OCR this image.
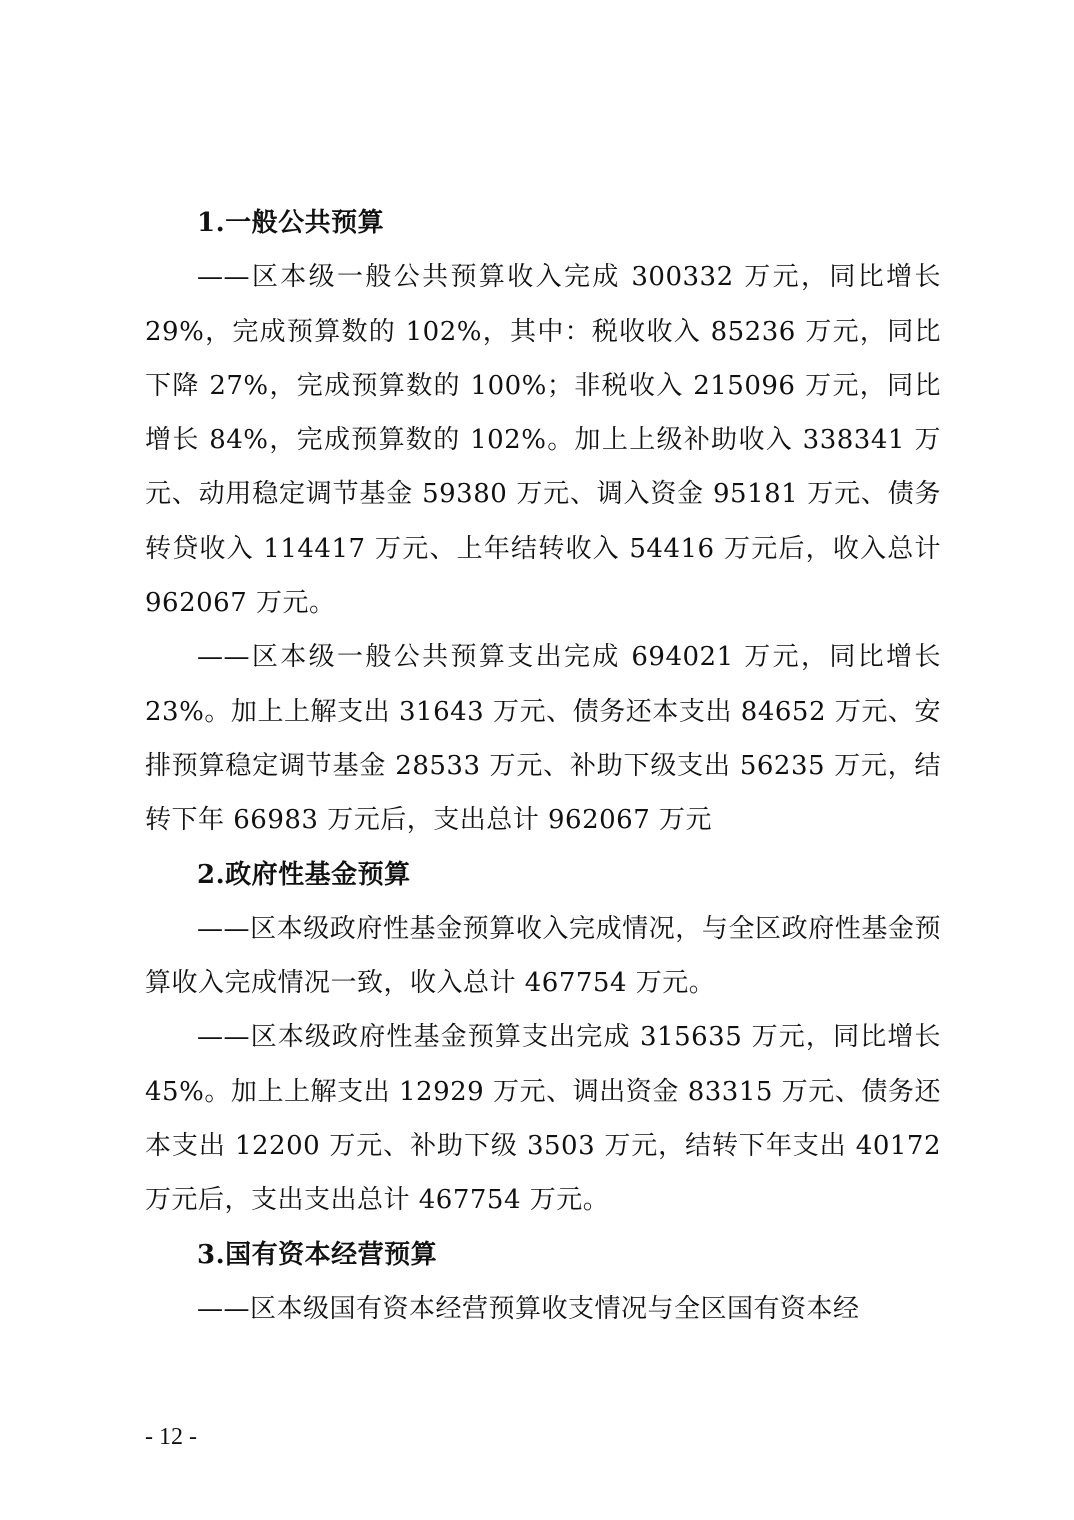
1.一般公共预算

——区本级一般公共预算收入完成 300332 万元，同比增长 29%，完成预算数的 102%，其中：税收收入 85236 万元，同比下降 27%，完成预算数的 100%；非税收入 215096 万元，同比增长 84%，完成预算数的 102%。加上上级补助收入 338341 万元、动用稳定调节基金 59380 万元、调入资金 95181 万元、债务转贷收入 114417 万元、上年结转收入 54416 万元后，收入总计 962067 万元。

——区本级一般公共预算支出完成 694021 万元，同比增长 23%。加上上解支出 31643 万元、债务还本支出 84652 万元、安排预算稳定调节基金 28533 万元、补助下级支出 56235 万元，结转下年 66983 万元后，支出总计 962067 万元

2.政府性基金预算

——区本级政府性基金预算收入完成情况，与全区政府性基金预算收入完成情况一致，收入总计 467754 万元。

——区本级政府性基金预算支出完成 315635 万元，同比增长 45%。加上上解支出 12929 万元、调出资金 83315 万元、债务还本支出 12200 万元、补助下级 3503 万元，结转下年支出 40172 万元后，支出支出总计 467754 万元。

3.国有资本经营预算

——区本级国有资本经营预算收支情况与全区国有资本经

- 12 -
